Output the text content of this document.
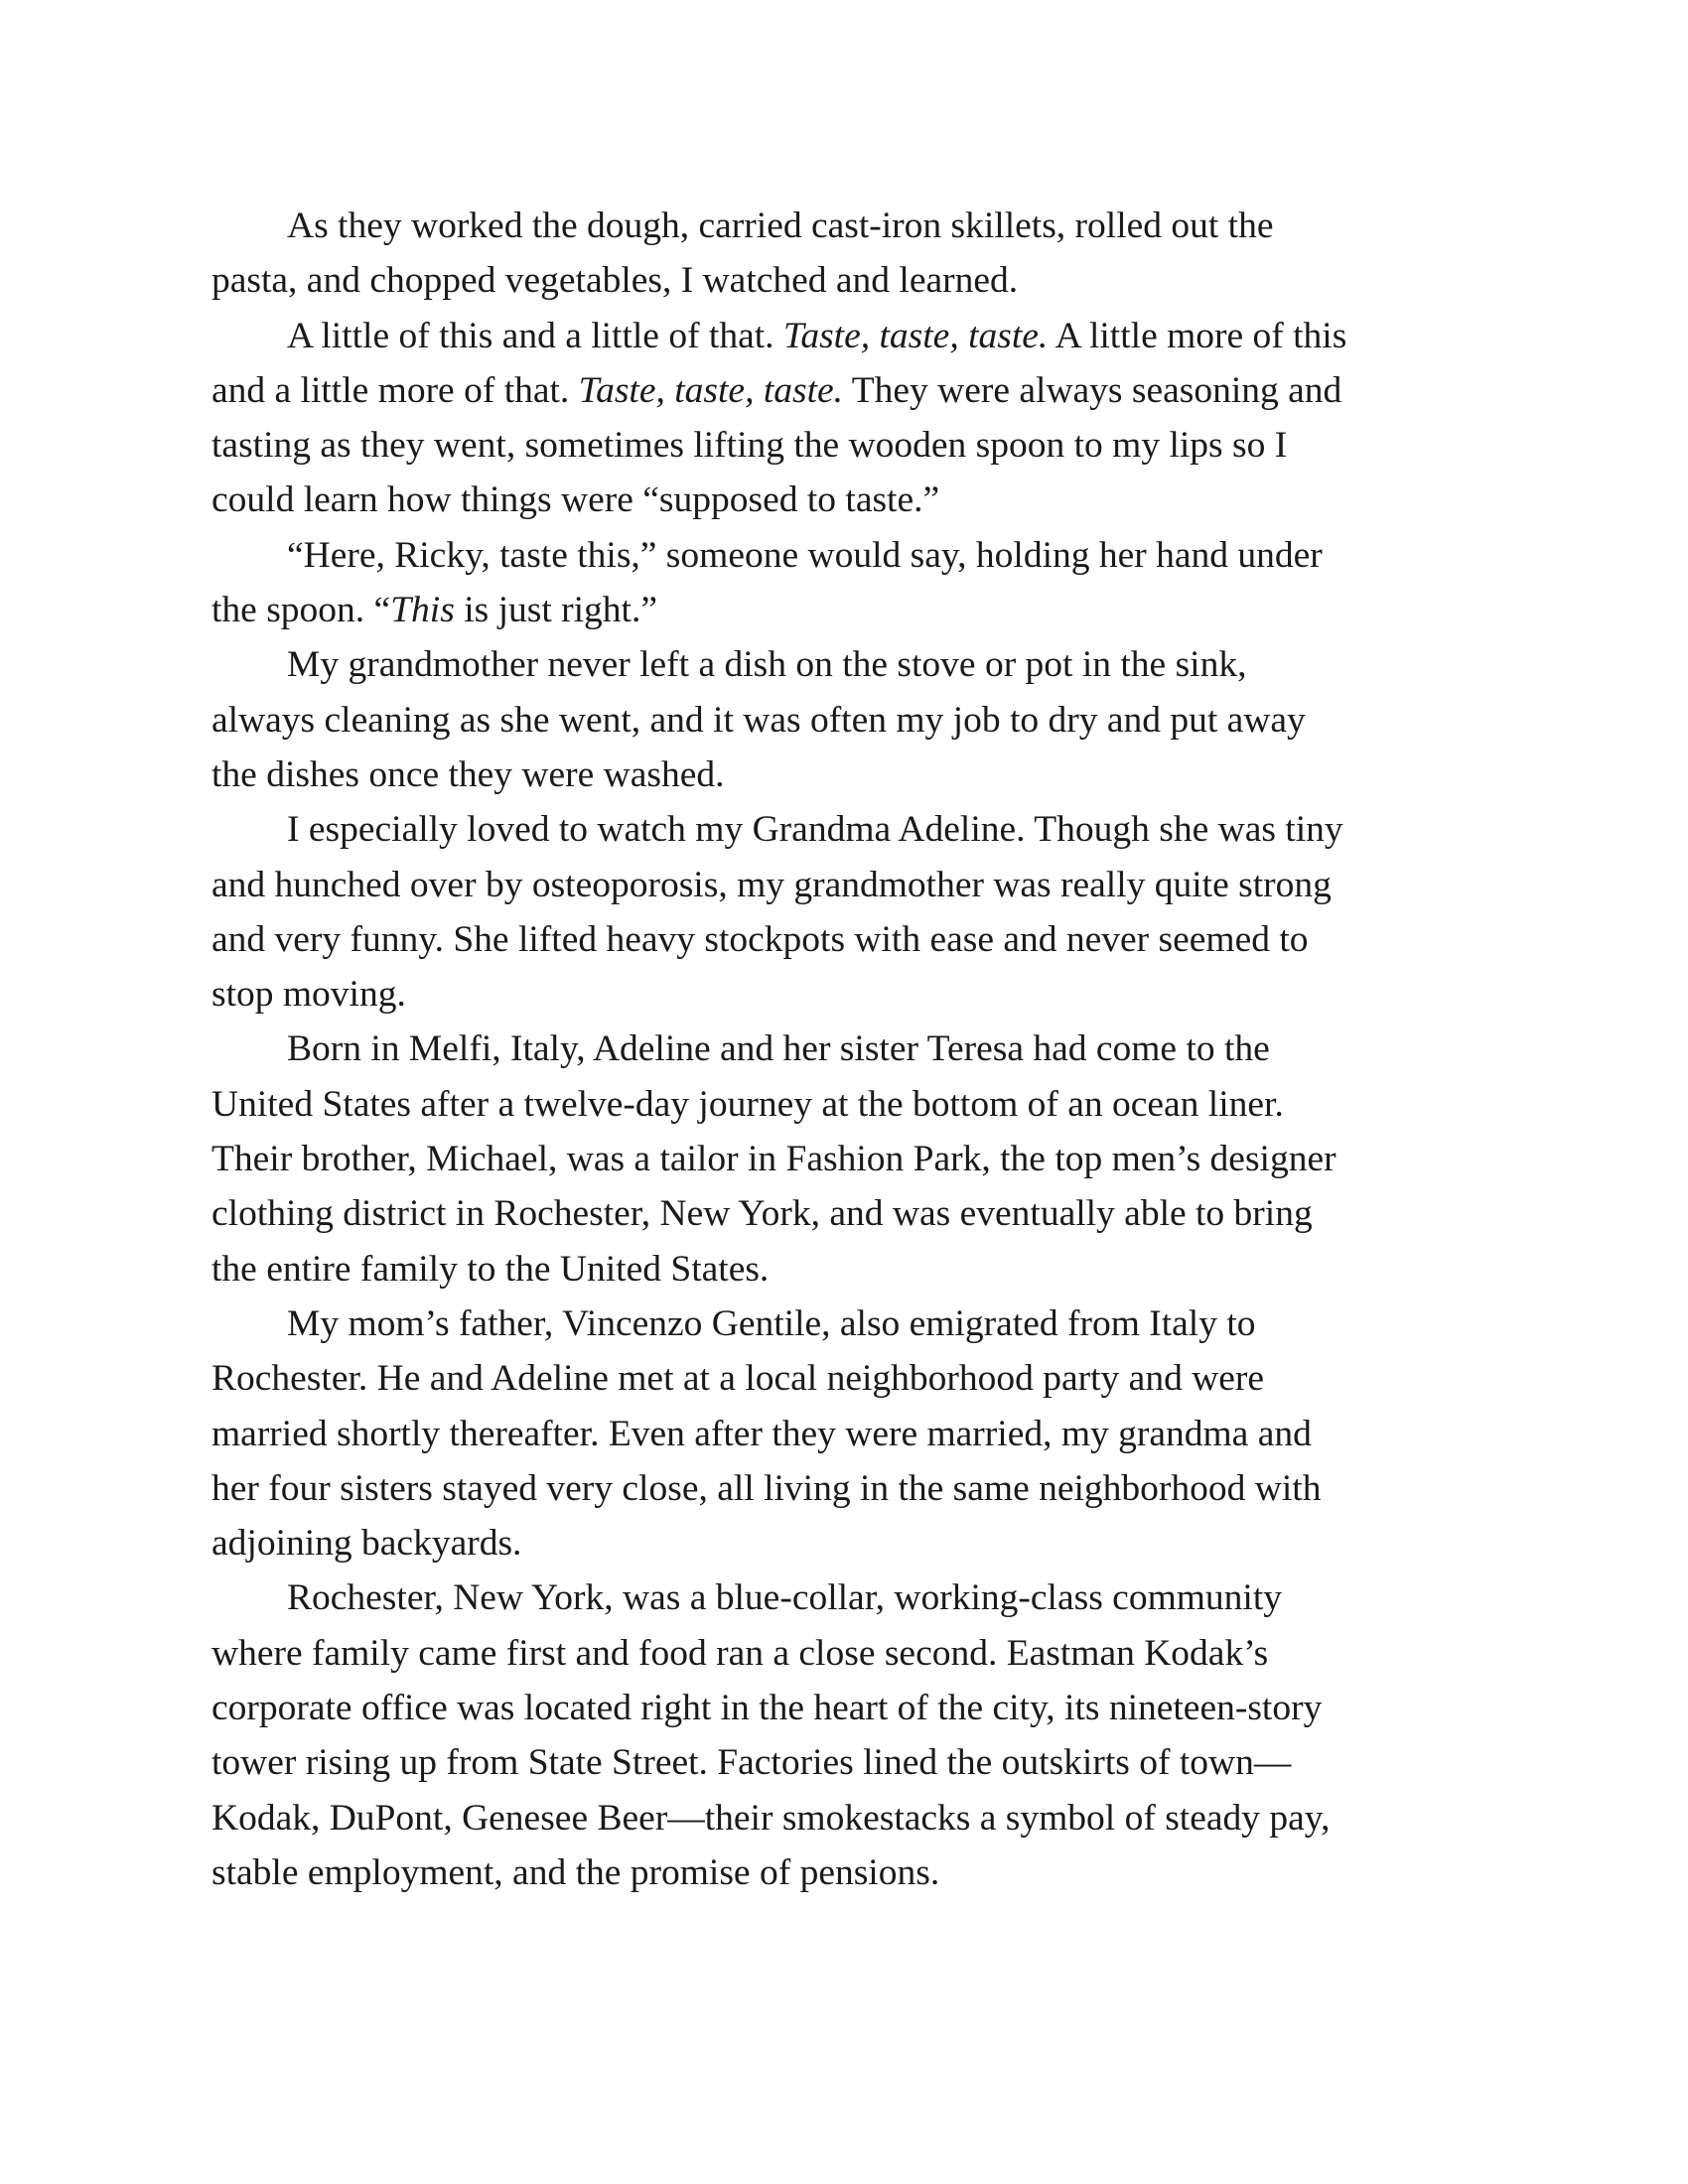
As they worked the dough, carried cast-iron skillets, rolled out the
pasta, and chopped vegetables, I watched and learned.

A little of this and a little of that. Taste, taste, taste. A little more of this
and a little more of that. Taste, taste, taste. They were always seasoning and
tasting as they went, sometimes lifting the wooden spoon to my lips so I
could learn how things were “supposed to taste.”

“Here, Ricky, taste this,” someone would say, holding her hand under
the spoon. “This is just right.”

My grandmother never left a dish on the stove or pot in the sink,
always cleaning as she went, and it was often my job to dry and put away
the dishes once they were washed.

I especially loved to watch my Grandma Adeline. Though she was tiny
and hunched over by osteoporosis, my grandmother was really quite strong
and very funny. She lifted heavy stockpots with ease and never seemed to
stop moving.

Born in Melfi, Italy, Adeline and her sister Teresa had come to the
United States after a twelve-day journey at the bottom of an ocean liner.
Their brother, Michael, was a tailor in Fashion Park, the top men’s designer
clothing district in Rochester, New York, and was eventually able to bring
the entire family to the United States.

My mom’s father, Vincenzo Gentile, also emigrated from Italy to
Rochester. He and Adeline met at a local neighborhood party and were
married shortly thereafter. Even after they were married, my grandma and
her four sisters stayed very close, all living in the same neighborhood with
adjoining backyards.

Rochester, New York, was a blue-collar, working-class community
where family came first and food ran a close second. Eastman Kodak’s
corporate office was located right in the heart of the city, its nineteen-story
tower rising up from State Street. Factories lined the outskirts of town—
Kodak, DuPont, Genesee Beer—their smokestacks a symbol of steady pay,
stable employment, and the promise of pensions.
